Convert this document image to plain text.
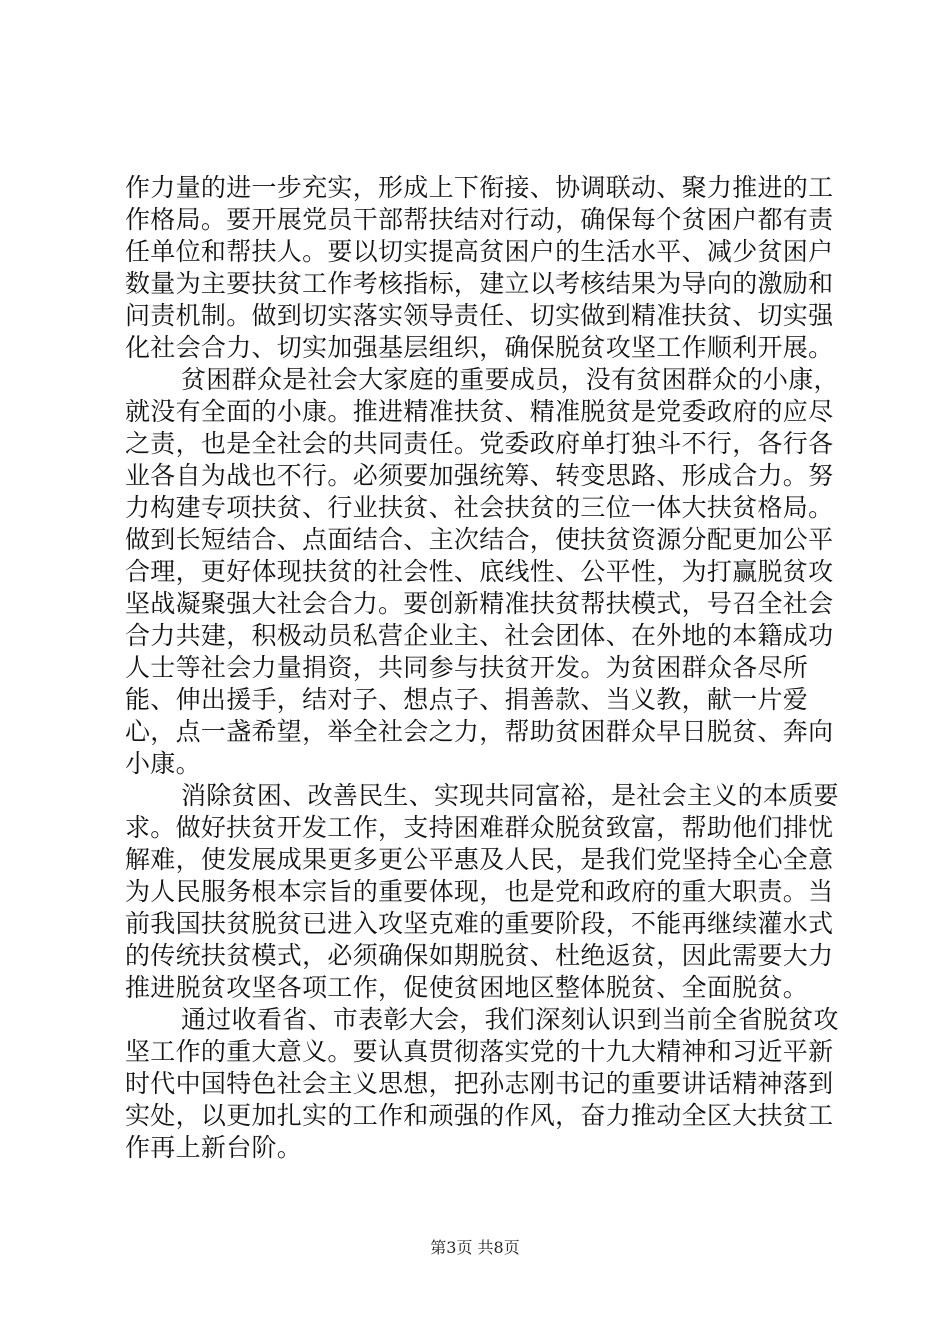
作力量的进一步充实，形成上下衔接、协调联动、聚力推进的工作格局。要开展党员干部帮扶结对行动，确保每个贫困户都有责任单位和帮扶人。要以切实提高贫困户的生活水平、减少贫困户数量为主要扶贫工作考核指标，建立以考核结果为导向的激励和问责机制。做到切实落实领导责任、切实做到精准扶贫、切实强化社会合力、切实加强基层组织，确保脱贫攻坚工作顺利开展。

贫困群众是社会大家庭的重要成员，没有贫困群众的小康，就没有全面的小康。推进精准扶贫、精准脱贫是党委政府的应尽之责，也是全社会的共同责任。党委政府单打独斗不行，各行各业各自为战也不行。必须要加强统筹、转变思路、形成合力。努力构建专项扶贫、行业扶贫、社会扶贫的三位一体大扶贫格局。做到长短结合、点面结合、主次结合，使扶贫资源分配更加公平合理，更好体现扶贫的社会性、底线性、公平性，为打赢脱贫攻坚战凝聚强大社会合力。要创新精准扶贫帮扶模式，号召全社会合力共建，积极动员私营企业主、社会团体、在外地的本籍成功人士等社会力量捐资，共同参与扶贫开发。为贫困群众各尽所能、伸出援手，结对子、想点子、捐善款、当义教，献一片爱心，点一盏希望，举全社会之力，帮助贫困群众早日脱贫、奔向小康。

消除贫困、改善民生、实现共同富裕，是社会主义的本质要求。做好扶贫开发工作，支持困难群众脱贫致富，帮助他们排忧解难，使发展成果更多更公平惠及人民，是我们党坚持全心全意为人民服务根本宗旨的重要体现，也是党和政府的重大职责。当前我国扶贫脱贫已进入攻坚克难的重要阶段，不能再继续灌水式的传统扶贫模式，必须确保如期脱贫、杜绝返贫，因此需要大力推进脱贫攻坚各项工作，促使贫困地区整体脱贫、全面脱贫。

通过收看省、市表彰大会，我们深刻认识到当前全省脱贫攻坚工作的重大意义。要认真贯彻落实党的十九大精神和习近平新时代中国特色社会主义思想，把孙志刚书记的重要讲话精神落到实处，以更加扎实的工作和顽强的作风，奋力推动全区大扶贫工作再上新台阶。

第3页 共8页
